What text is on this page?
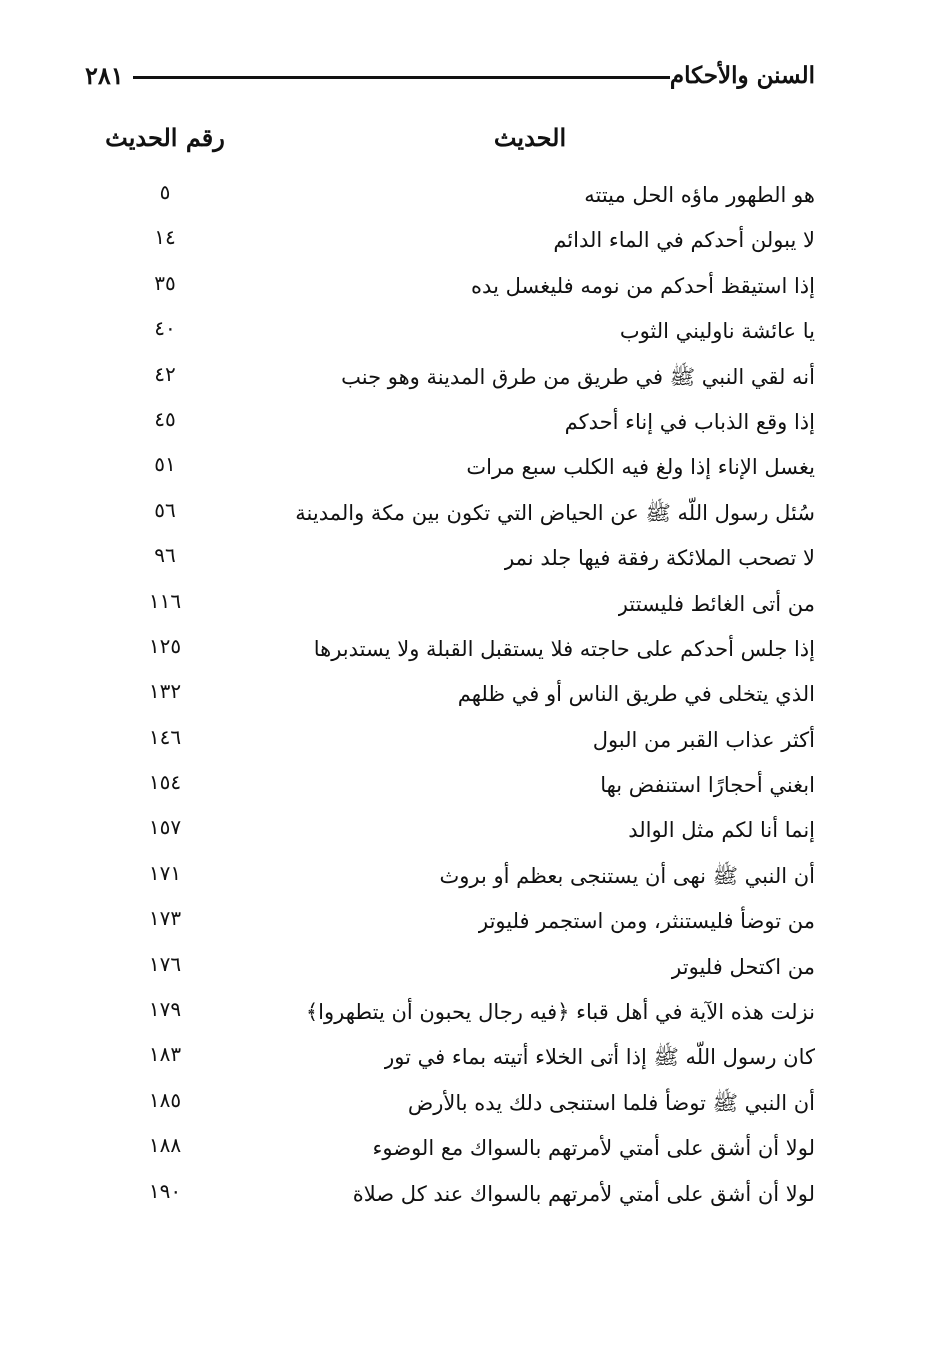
السنن والأحكام
٢٨١
الحديث
رقم الحديث
هو الطهور ماؤه الحل ميتته
٥
لا يبولن أحدكم في الماء الدائم
١٤
إذا استيقظ أحدكم من نومه فليغسل يده
٣٥
يا عائشة ناوليني الثوب
٤٠
أنه لقي النبي ﷺ في طريق من طرق المدينة وهو جنب
٤٢
إذا وقع الذباب في إناء أحدكم
٤٥
يغسل الإناء إذا ولغ فيه الكلب سبع مرات
٥١
سُئل رسول اللّه ﷺ عن الحياض التي تكون بين مكة والمدينة
٥٦
لا تصحب الملائكة رفقة فيها جلد نمر
٩٦
من أتى الغائط فليستتر
١١٦
إذا جلس أحدكم على حاجته فلا يستقبل القبلة ولا يستدبرها
١٢٥
الذي يتخلى في طريق الناس أو في ظلهم
١٣٢
أكثر عذاب القبر من البول
١٤٦
ابغني أحجارًا استنفض بها
١٥٤
إنما أنا لكم مثل الوالد
١٥٧
أن النبي ﷺ نهى أن يستنجى بعظم أو بروث
١٧١
من توضأ فليستنثر، ومن استجمر فليوتر
١٧٣
من اكتحل فليوتر
١٧٦
نزلت هذه الآية في أهل قباء ﴿فيه رجال يحبون أن يتطهروا﴾
١٧٩
كان رسول اللّه ﷺ إذا أتى الخلاء أتيته بماء في تور
١٨٣
أن النبي ﷺ توضأ فلما استنجى دلك يده بالأرض
١٨٥
لولا أن أشق على أمتي لأمرتهم بالسواك مع الوضوء
١٨٨
لولا أن أشق على أمتي لأمرتهم بالسواك عند كل صلاة
١٩٠
